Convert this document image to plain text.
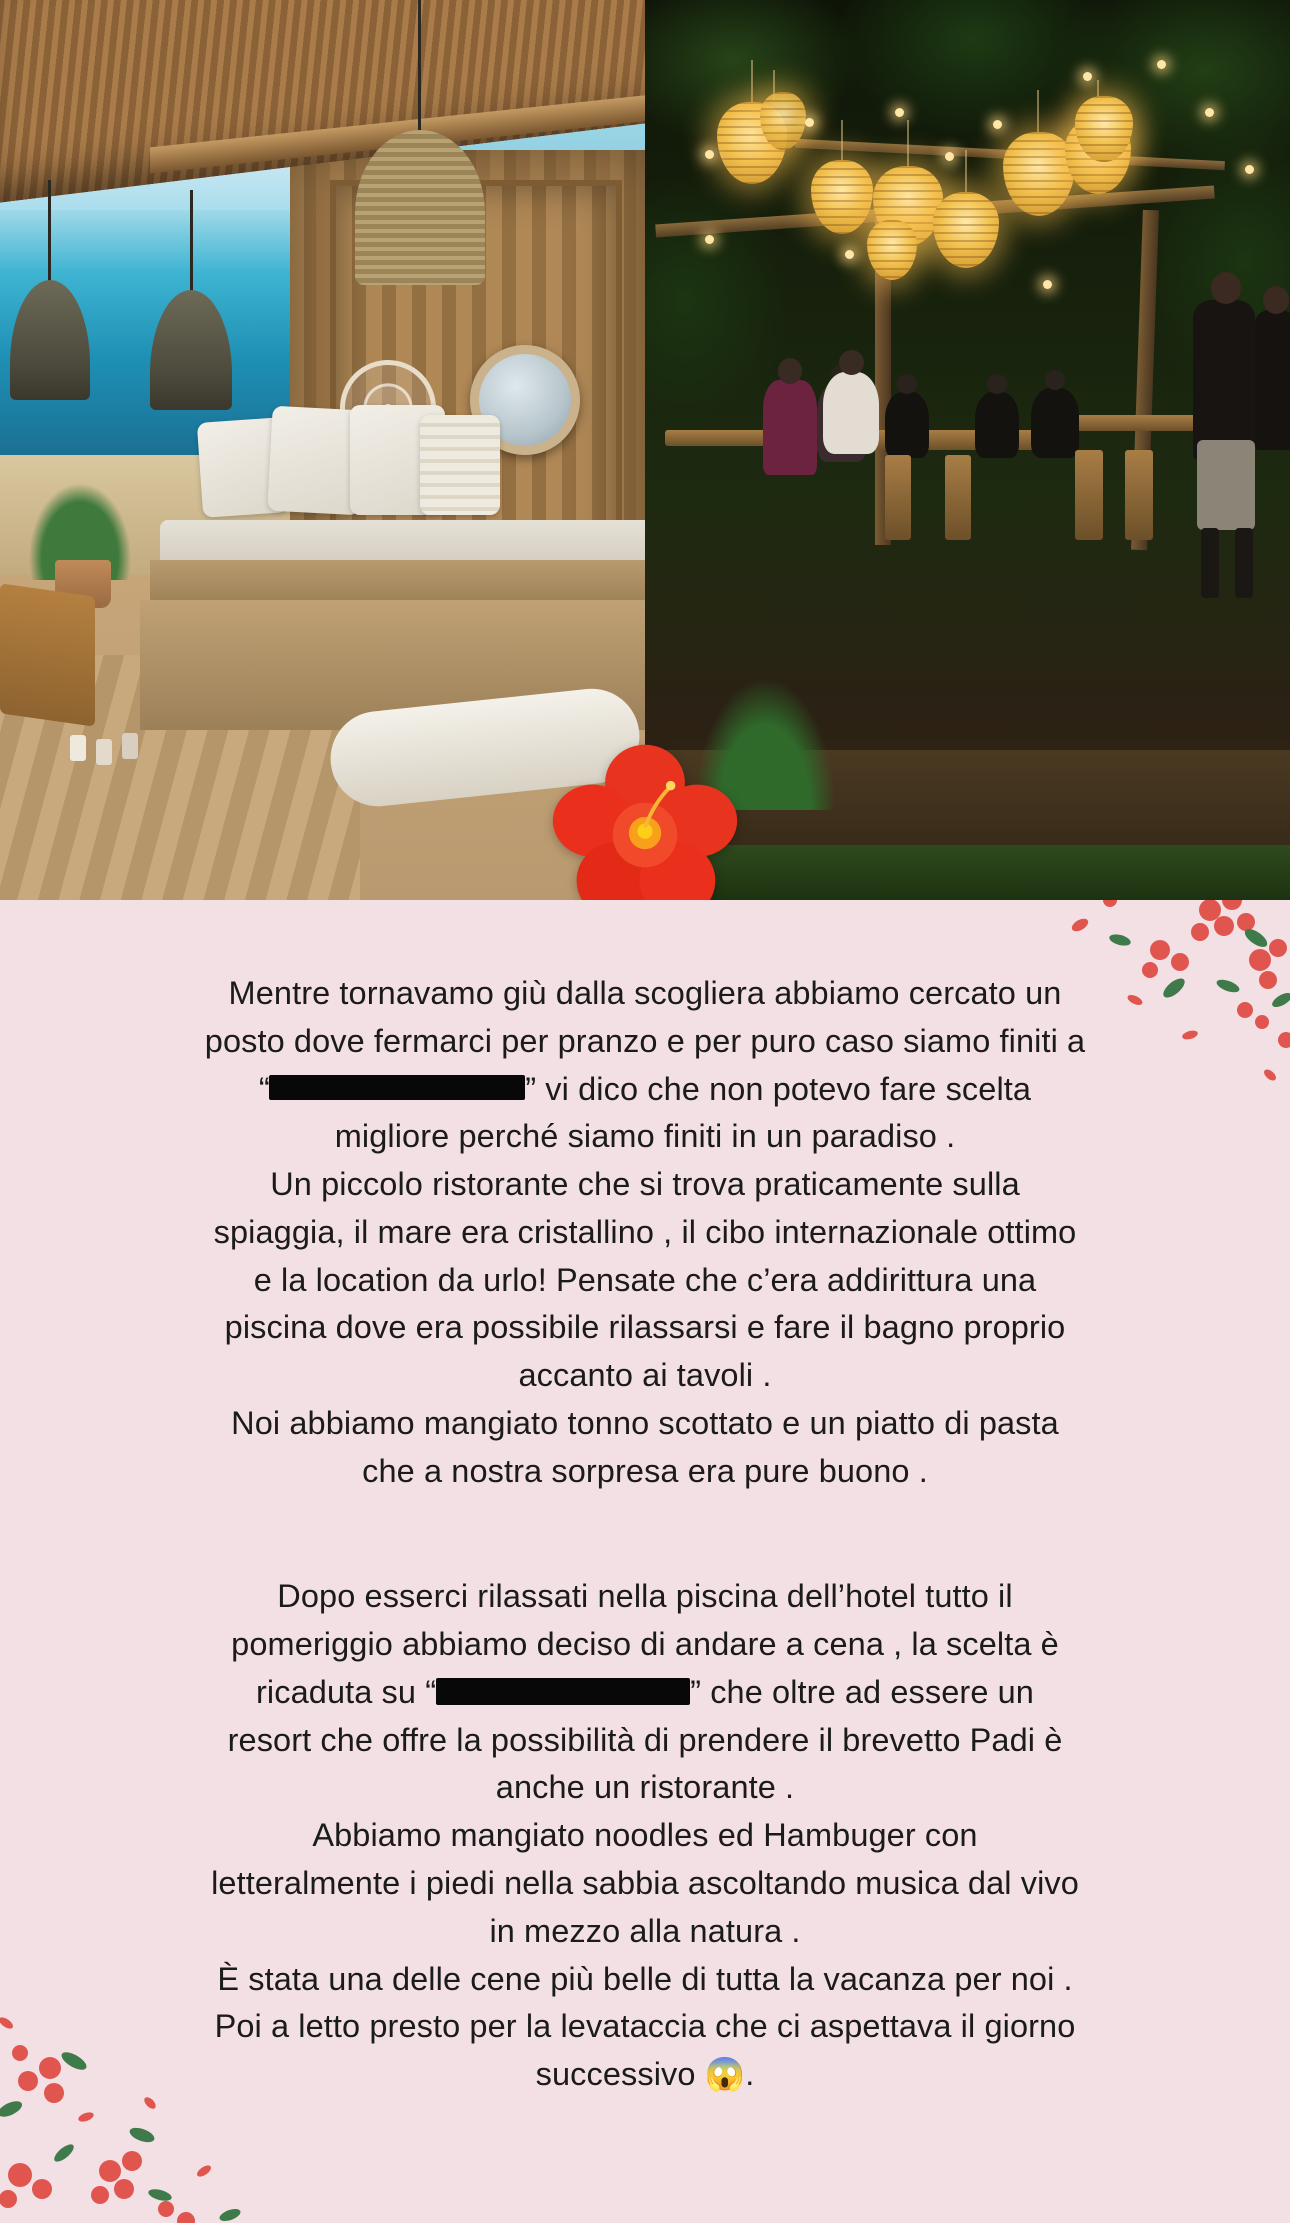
Mentre tornavamo giù dalla scogliera abbiamo cercato un

posto dove fermarci per pranzo e per puro caso siamo finiti a

“	” vi dico che non potevo fare scelta

migliore perché siamo finiti in un paradiso .

Un piccolo ristorante che si trova praticamente sulla

spiaggia, il mare era cristallino , il cibo internazionale ottimo

e la location da urlo! Pensate che c’era addirittura una

piscina dove era possibile rilassarsi e fare il bagno proprio

accanto ai tavoli .

Noi abbiamo mangiato tonno scottato e un piatto di pasta

che a nostra sorpresa era pure buono .

Dopo esserci rilassati nella piscina dell’hotel tutto il

pomeriggio abbiamo deciso di andare a cena , la scelta è

ricaduta su “	” che oltre ad essere un

resort che offre la possibilità di prendere il brevetto Padi è

anche un ristorante .

Abbiamo mangiato noodles ed Hambuger con

letteralmente i piedi nella sabbia ascoltando musica dal vivo

in mezzo alla natura .

È stata una delle cene più belle di tutta la vacanza per noi .

Poi a letto presto per la levataccia che ci aspettava il giorno

successivo 😱.
